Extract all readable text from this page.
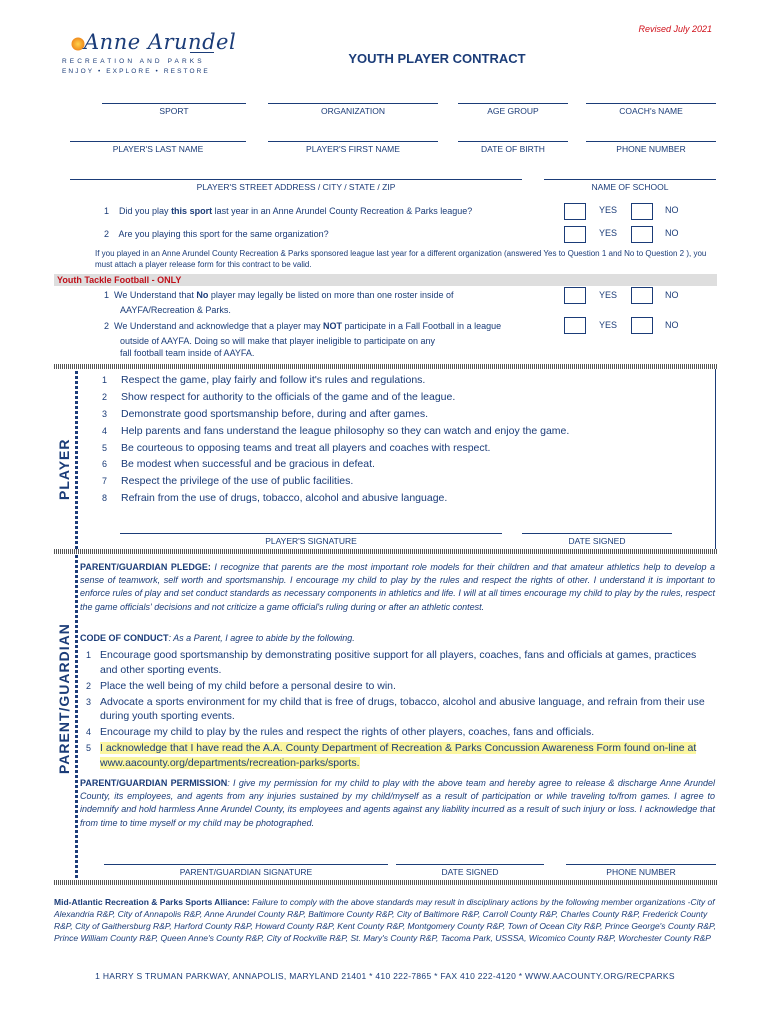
Revised July 2021
Anne Arundel
RECREATION AND PARKS
ENJOY • EXPLORE • RESTORE
YOUTH PLAYER CONTRACT
SPORT	ORGANIZATION	AGE GROUP	COACH's NAME
PLAYER'S LAST NAME	PLAYER'S FIRST NAME	DATE OF BIRTH	PHONE NUMBER
PLAYER'S STREET ADDRESS / CITY / STATE / ZIP	NAME OF SCHOOL
1 Did you play this sport last year in an Anne Arundel County Recreation & Parks league?	YES	NO
2 Are you playing this sport for the same organization?	YES	NO
If you played in an Anne Arundel County Recreation & Parks sponsored league last year for a different organization (answered Yes to Question 1 and No to Question 2 ), you must attach a player release form for this contract to be valid.
Youth Tackle Football - ONLY
1 We Understand that No player may legally be listed on more than one roster inside of
AAYFA/Recreation & Parks.
YES	NO
2 We Understand and acknowledge that a player may NOT participate in a Fall Football in a league
outside of AAYFA. Doing so will make that player ineligible to participate on any
fall football team inside of AAYFA.
YES	NO
PLAYER
1 Respect the game, play fairly and follow it's rules and regulations.
2 Show respect for authority to the officials of the game and of the league.
3 Demonstrate good sportsmanship before, during and after games.
4 Help parents and fans understand the league philosophy so they can watch and enjoy the game.
5 Be courteous to opposing teams and treat all players and coaches with respect.
6 Be modest when successful and be gracious in defeat.
7 Respect the privilege of the use of public facilities.
8 Refrain from the use of drugs, tobacco, alcohol and abusive language.
PLAYER'S SIGNATURE	DATE SIGNED
PARENT/GUARDIAN
PARENT/GUARDIAN PLEDGE: I recognize that parents are the most important role models for their children and that amateur athletics help to develop a sense of teamwork, self worth and sportsmanship. I encourage my child to play by the rules and respect the rights of other. I understand it is important to enforce rules of play and set conduct standards as necessary components in athletics and life. I will at all times encourage my child to play by the rules, respect the game officials' decisions and not criticize a game official's ruling during or after an athletic contest.
CODE OF CONDUCT: As a Parent, I agree to abide by the following.
1 Encourage good sportsmanship by demonstrating positive support for all players, coaches, fans and officials at games, practices and other sporting events.
2 Place the well being of my child before a personal desire to win.
3 Advocate a sports environment for my child that is free of drugs, tobacco, alcohol and abusive language, and refrain from their use during youth sporting events.
4 Encourage my child to play by the rules and respect the rights of other players, coaches, fans and officials.
5 I acknowledge that I have read the A.A. County Department of Recreation & Parks Concussion Awareness Form found on-line at www.aacounty.org/departments/recreation-parks/sports.
PARENT/GUARDIAN PERMISSION: I give my permission for my child to play with the above team and hereby agree to release & discharge Anne Arundel County, its employees, and agents from any injuries sustained by my child/myself as a result of participation or while traveling to/from games. I agree to indemnify and hold harmless Anne Arundel County, its employees and agents against any liability incurred as a result of such injury or loss. I acknowledge that from time to time myself or my child may be photographed.
PARENT/GUARDIAN SIGNATURE	DATE SIGNED	PHONE NUMBER
Mid-Atlantic Recreation & Parks Sports Alliance: Failure to comply with the above standards may result in disciplinary actions by the following member organizations -City of Alexandria R&P, City of Annapolis R&P, Anne Arundel County R&P, Baltimore County R&P, City of Baltimore R&P, Carroll County R&P, Charles County R&P, Frederick County R&P, City of Gaithersburg R&P, Harford County R&P, Howard County R&P, Kent County R&P, Montgomery County R&P, Town of Ocean City R&P, Prince George's County R&P, Prince William County R&P, Queen Anne's County R&P, City of Rockville R&P, St. Mary's County R&P, Tacoma Park, USSSA, Wicomico County R&P, Worchester County R&P
1 HARRY S TRUMAN PARKWAY, ANNAPOLIS, MARYLAND 21401 * 410 222-7865 * FAX 410 222-4120 * WWW.AACOUNTY.ORG/RECPARKS
